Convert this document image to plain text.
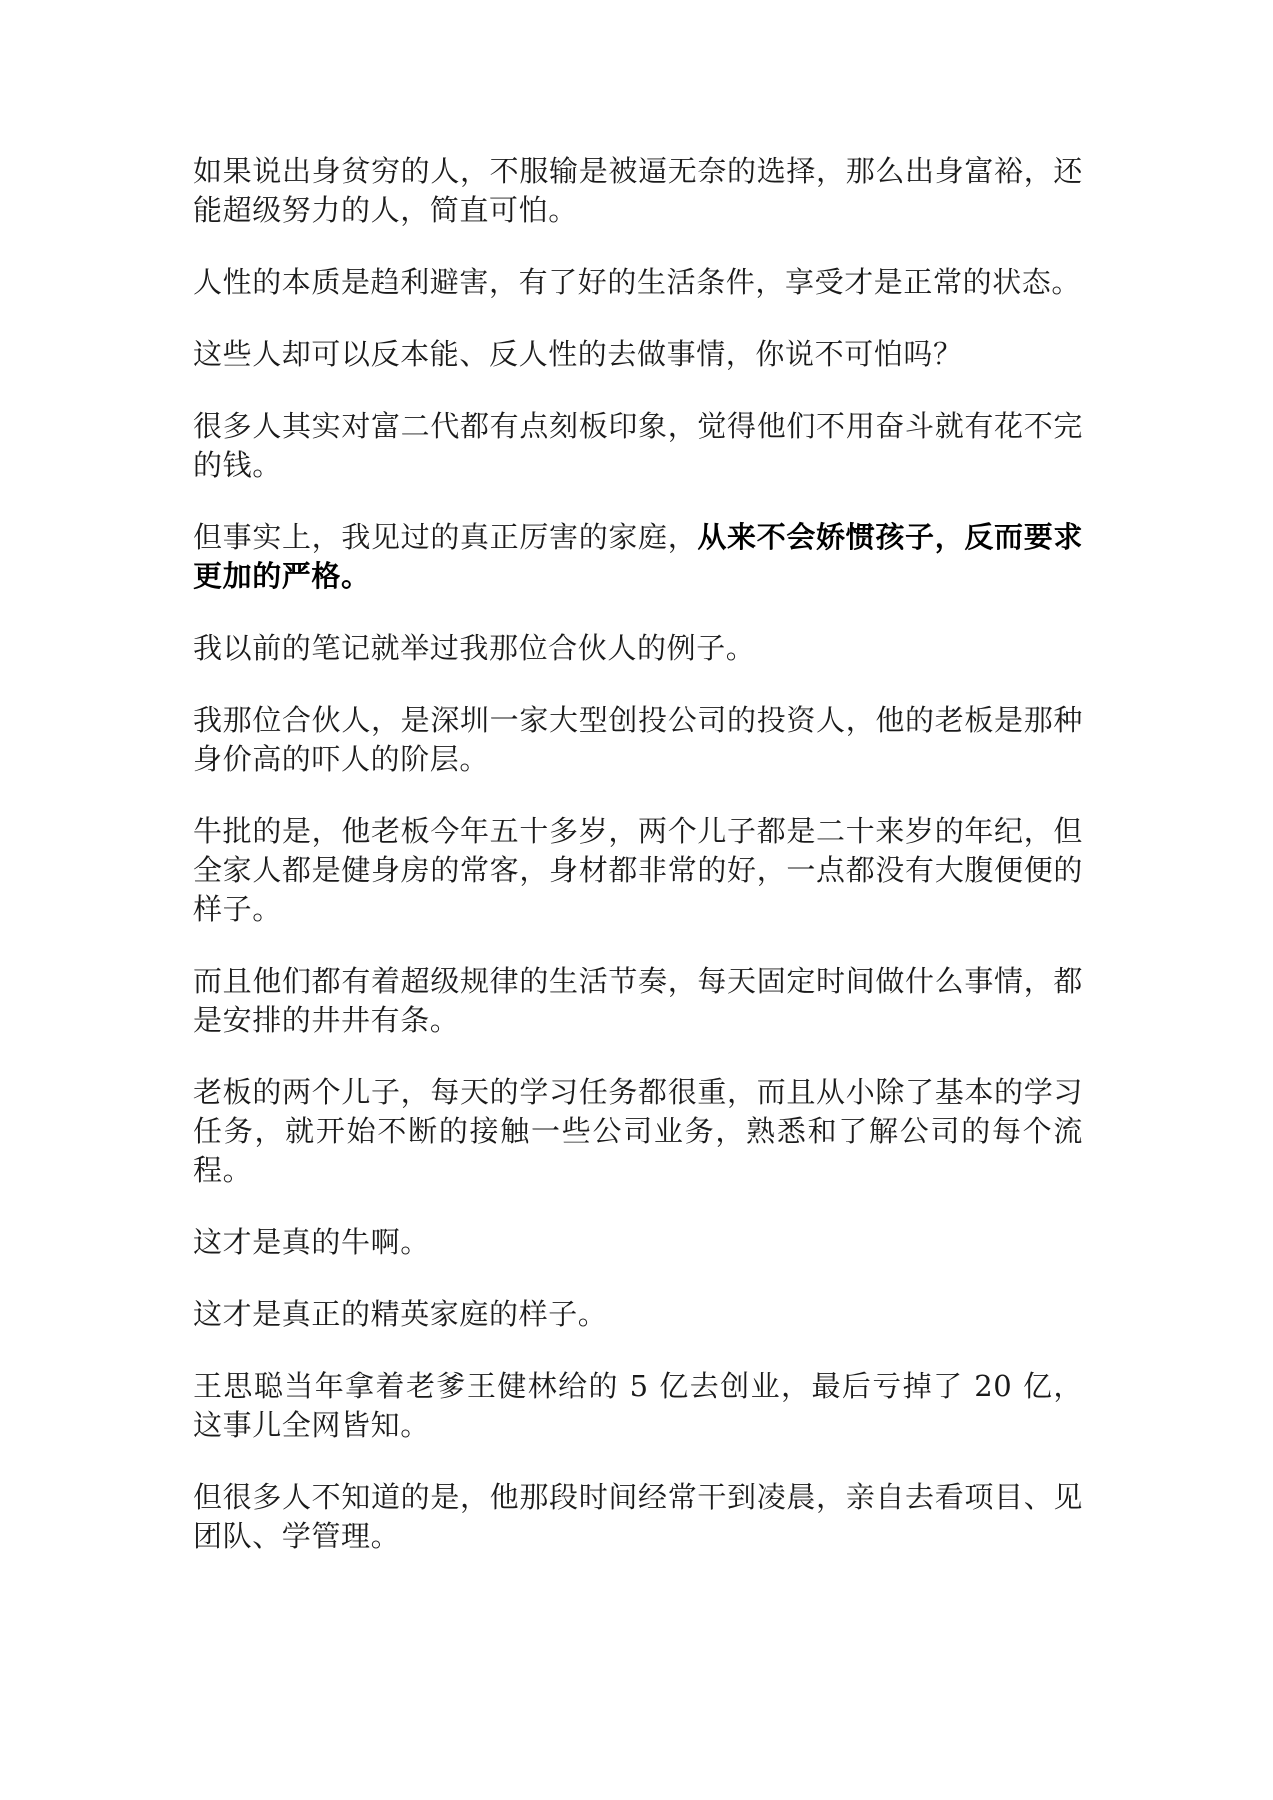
如果说出身贫穷的人，不服输是被逼无奈的选择，那么出身富裕，还能超级努力的人，简直可怕。

人性的本质是趋利避害，有了好的生活条件，享受才是正常的状态。

这些人却可以反本能、反人性的去做事情，你说不可怕吗？

很多人其实对富二代都有点刻板印象，觉得他们不用奋斗就有花不完的钱。

但事实上，我见过的真正厉害的家庭，从来不会娇惯孩子，反而要求更加的严格。

我以前的笔记就举过我那位合伙人的例子。

我那位合伙人，是深圳一家大型创投公司的投资人，他的老板是那种身价高的吓人的阶层。

牛批的是，他老板今年五十多岁，两个儿子都是二十来岁的年纪，但全家人都是健身房的常客，身材都非常的好，一点都没有大腹便便的样子。

而且他们都有着超级规律的生活节奏，每天固定时间做什么事情，都是安排的井井有条。

老板的两个儿子，每天的学习任务都很重，而且从小除了基本的学习任务，就开始不断的接触一些公司业务，熟悉和了解公司的每个流程。

这才是真的牛啊。

这才是真正的精英家庭的样子。

王思聪当年拿着老爹王健林给的 5 亿去创业，最后亏掉了 20 亿，这事儿全网皆知。

但很多人不知道的是，他那段时间经常干到凌晨，亲自去看项目、见团队、学管理。
